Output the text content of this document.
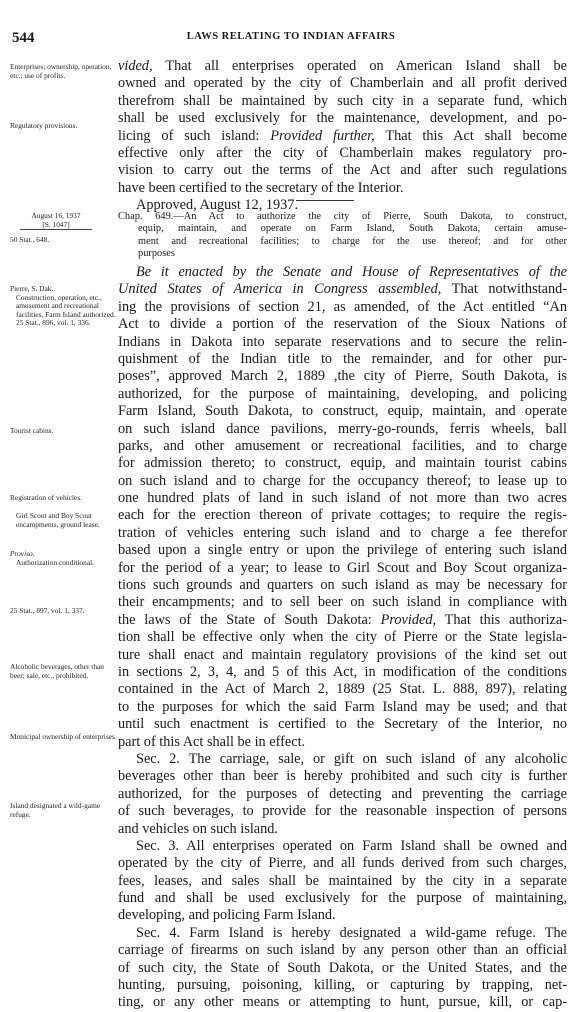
544	LAWS RELATING TO INDIAN AFFAIRS
Enterprises; ownership, operation, etc.; use of profits.
Regulatory provisions.
August 16, 1937
[S. 1047]
50 Stat., 648.
Pierre, S. Dak.
Construction, operation, etc., amusement and recreational facilities, Farm Island authorized.
25 Stat., 896, vol. 1, 336.
Tourist cabins.
Registration of vehicles.
Girl Scout and Boy Scout encampments, ground lease.
Proviso.
Authorization conditional.
25 Stat., 897, vol. 1, 337.
Alcoholic beverages, other than beer; sale, etc., prohibited.
Municipal ownership of enterprises.
Island designated a wild-game refuge.
vided, That all enterprises operated on American Island shall be
owned and operated by the city of Chamberlain and all profit derived
therefrom shall be maintained by such city in a separate fund, which
shall be used exclusively for the maintenance, development, and po-
licing of such island: Provided further, That this Act shall become
effective only after the city of Chamberlain makes regulatory pro-
vision to carry out the terms of the Act and after such regulations
have been certified to the secretary of the Interior.
Approved, August 12, 1937.
Chap. 649.—An Act to authorize the city of Pierre, South Dakota, to construct,
equip, maintain, and operate on Farm Island, South Dakota, certain amuse-
ment and recreational facilities; to charge for the use thereof; and for other
purposes
Be it enacted by the Senate and House of Representatives of the
United States of America in Congress assembled, That notwithstand-
ing the provisions of section 21, as amended, of the Act entitled “An
Act to divide a portion of the reservation of the Sioux Nations of
Indians in Dakota into separate reservations and to secure the relin-
quishment of the Indian title to the remainder, and for other pur-
poses”, approved March 2, 1889 ,the city of Pierre, South Dakota, is
authorized, for the purpose of maintaining, developing, and policing
Farm Island, South Dakota, to construct, equip, maintain, and operate
on such island dance pavilions, merry-go-rounds, ferris wheels, ball
parks, and other amusement or recreational facilities, and to charge
for admission thereto; to construct, equip, and maintain tourist cabins
on such island and to charge for the occupancy thereof; to lease up to
one hundred plats of land in such island of not more than two acres
each for the erection thereon of private cottages; to require the regis-
tration of vehicles entering such island and to charge a fee therefor
based upon a single entry or upon the privilege of entering such island
for the period of a year; to lease to Girl Scout and Boy Scout organiza-
tions such grounds and quarters on such island as may be necessary for
their encampments; and to sell beer on such island in compliance with
the laws of the State of South Dakota: Provided, That this authoriza-
tion shall be effective only when the city of Pierre or the State legisla-
ture shall enact and maintain regulatory provisions of the kind set out
in sections 2, 3, 4, and 5 of this Act, in modification of the conditions
contained in the Act of March 2, 1889 (25 Stat. L. 888, 897), relating
to the purposes for which the said Farm Island may be used; and that
until such enactment is certified to the Secretary of the Interior, no
part of this Act shall be in effect.
Sec. 2. The carriage, sale, or gift on such island of any alcoholic
beverages other than beer is hereby prohibited and such city is further
authorized, for the purposes of detecting and preventing the carriage
of such beverages, to provide for the reasonable inspection of persons
and vehicles on such island.
Sec. 3. All enterprises operated on Farm Island shall be owned and
operated by the city of Pierre, and all funds derived from such charges,
fees, leases, and sales shall be maintained by the city in a separate
fund and shall be used exclusively for the purpose of maintaining,
developing, and policing Farm Island.
Sec. 4. Farm Island is hereby designated a wild-game refuge. The
carriage of firearms on such island by any person other than an official
of such city, the State of South Dakota, or the United States, and the
hunting, pursuing, poisoning, killing, or capturing by trapping, net-
ting, or any other means or attempting to hunt, pursue, kill, or cap-
